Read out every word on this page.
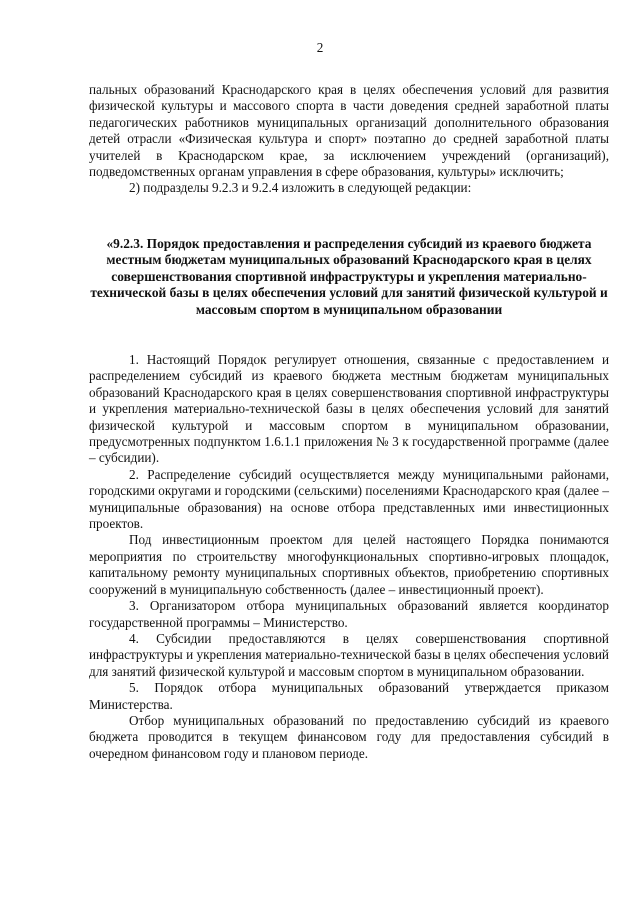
2

пальных образований Краснодарского края в целях обеспечения условий для развития физической культуры и массового спорта в части доведения средней заработной платы педагогических работников муниципальных организаций дополнительного образования детей отрасли «Физическая культура и спорт» поэтапно до средней заработной платы учителей в Краснодарском крае, за исключением учреждений (организаций), подведомственных органам управления в сфере образования, культуры» исключить;

2) подразделы 9.2.3 и 9.2.4 изложить в следующей редакции:

«9.2.3. Порядок предоставления и распределения субсидий из краевого бюджета местным бюджетам муниципальных образований Краснодарского края в целях совершенствования спортивной инфраструктуры и укрепления материально-технической базы в целях обеспечения условий для занятий физической культурой и массовым спортом в муниципальном образовании

1. Настоящий Порядок регулирует отношения, связанные с предоставлением и распределением субсидий из краевого бюджета местным бюджетам муниципальных образований Краснодарского края в целях совершенствования спортивной инфраструктуры и укрепления материально-технической базы в целях обеспечения условий для занятий физической культурой и массовым спортом в муниципальном образовании, предусмотренных подпунктом 1.6.1.1 приложения № 3 к государственной программе (далее – субсидии).

2. Распределение субсидий осуществляется между муниципальными районами, городскими округами и городскими (сельскими) поселениями Краснодарского края (далее – муниципальные образования) на основе отбора представленных ими инвестиционных проектов.

Под инвестиционным проектом для целей настоящего Порядка понимаются мероприятия по строительству многофункциональных спортивно-игровых площадок, капитальному ремонту муниципальных спортивных объектов, приобретению спортивных сооружений в муниципальную собственность (далее – инвестиционный проект).

3. Организатором отбора муниципальных образований является координатор государственной программы – Министерство.

4. Субсидии предоставляются в целях совершенствования спортивной инфраструктуры и укрепления материально-технической базы в целях обеспечения условий для занятий физической культурой и массовым спортом в муниципальном образовании.

5. Порядок отбора муниципальных образований утверждается приказом Министерства.

Отбор муниципальных образований по предоставлению субсидий из краевого бюджета проводится в текущем финансовом году для предоставления субсидий в очередном финансовом году и плановом периоде.
